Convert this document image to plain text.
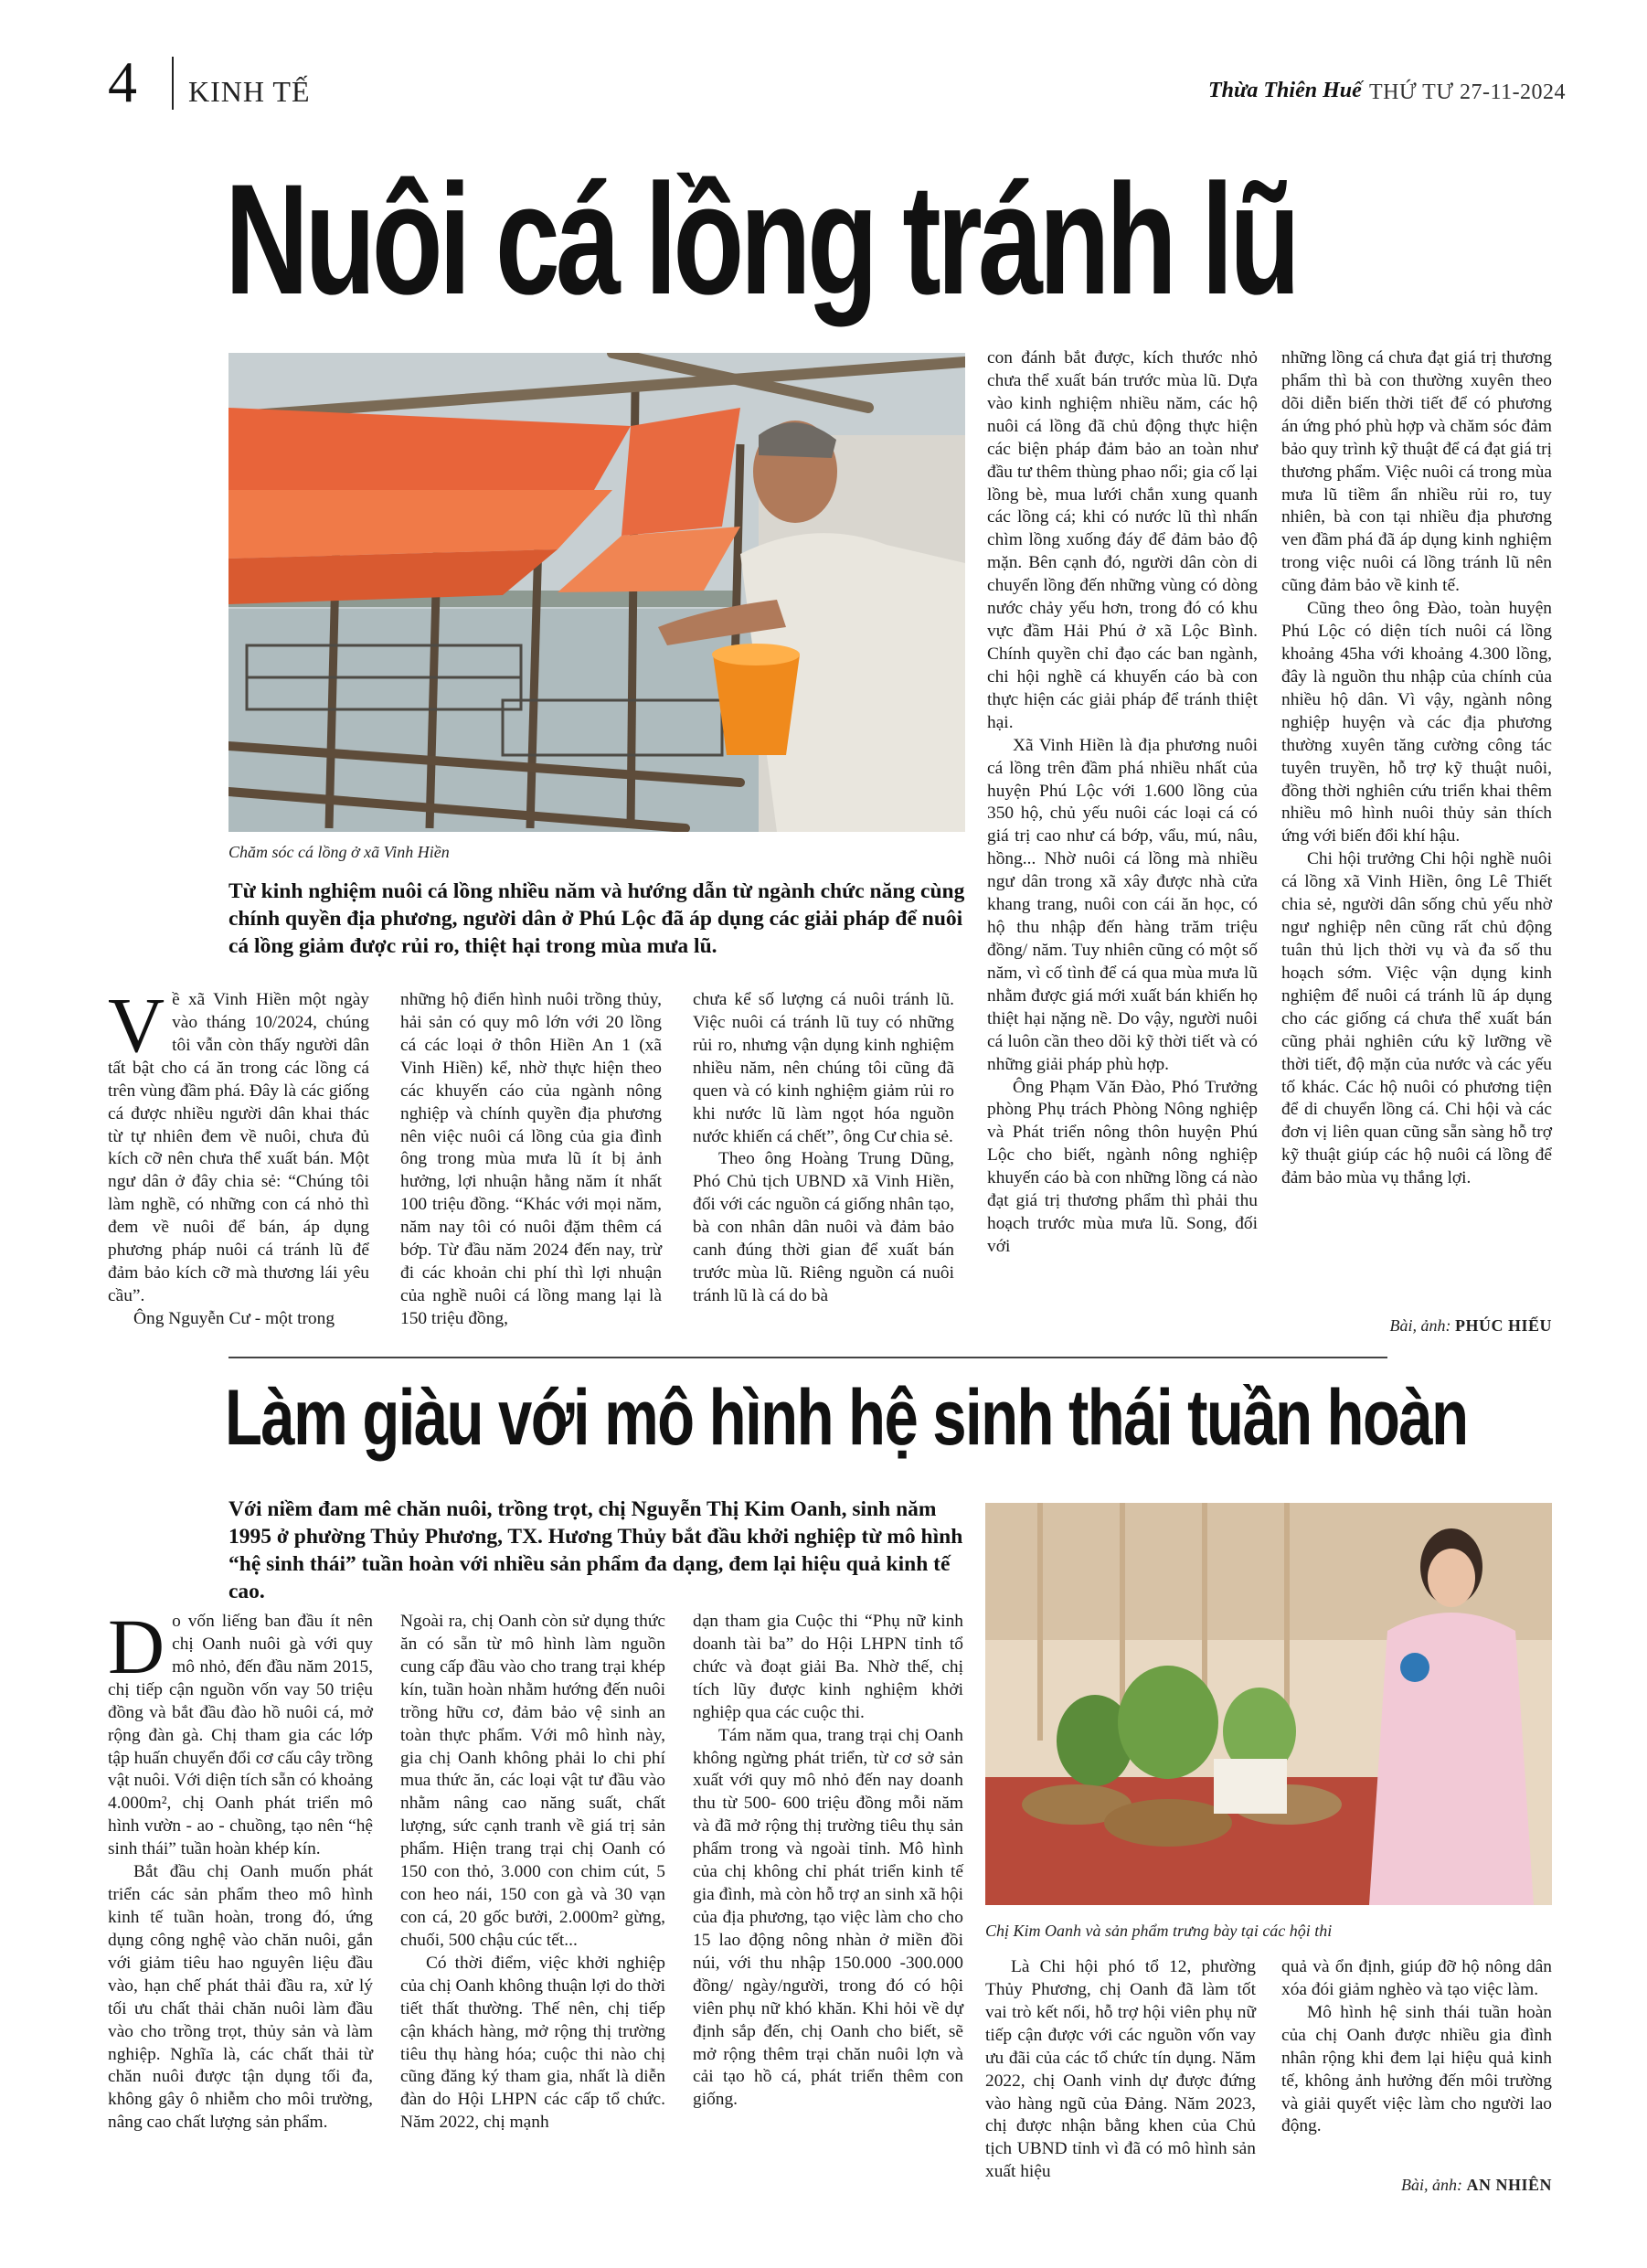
4 KINH TẾ	Thừa Thiên Huế THỨ TƯ 27-11-2024
Nuôi cá lồng tránh lũ
Chăm sóc cá lồng ở xã Vinh Hiền
Từ kinh nghiệm nuôi cá lồng nhiều năm và hướng dẫn từ ngành chức năng cùng chính quyền địa phương, người dân ở Phú Lộc đã áp dụng các giải pháp để nuôi cá lồng giảm được rủi ro, thiệt hại trong mùa mưa lũ.

Về xã Vinh Hiền một ngày vào tháng 10/2024, chúng tôi vẫn còn thấy người dân tất bật cho cá ăn trong các lồng cá trên vùng đầm phá. Đây là các giống cá được nhiều người dân khai thác từ tự nhiên đem về nuôi, chưa đủ kích cỡ nên chưa thể xuất bán. Một ngư dân ở đây chia sẻ: “Chúng tôi làm nghề, có những con cá nhỏ thì đem về nuôi để bán, áp dụng phương pháp nuôi cá tránh lũ để đảm bảo kích cỡ mà thương lái yêu cầu”.

Ông Nguyễn Cư - một trong

những hộ điển hình nuôi trồng thủy, hải sản có quy mô lớn với 20 lồng cá các loại ở thôn Hiền An 1 (xã Vinh Hiền) kể, nhờ thực hiện theo các khuyến cáo của ngành nông nghiệp và chính quyền địa phương nên việc nuôi cá lồng của gia đình ông trong mùa mưa lũ ít bị ảnh hưởng, lợi nhuận hằng năm ít nhất 100 triệu đồng. “Khác với mọi năm, năm nay tôi có nuôi đặm thêm cá bớp. Từ đầu năm 2024 đến nay, trừ đi các khoản chi phí thì lợi nhuận của nghề nuôi cá lồng mang lại là 150 triệu đồng,

chưa kể số lượng cá nuôi tránh lũ. Việc nuôi cá tránh lũ tuy có những rủi ro, nhưng vận dụng kinh nghiệm nhiều năm, nên chúng tôi cũng đã quen và có kinh nghiệm giảm rủi ro khi nước lũ làm ngọt hóa nguồn nước khiến cá chết”, ông Cư chia sẻ.

Theo ông Hoàng Trung Dũng, Phó Chủ tịch UBND xã Vinh Hiền, đối với các nguồn cá giống nhân tạo, bà con nhân dân nuôi và đảm bảo canh đúng thời gian để xuất bán trước mùa lũ. Riêng nguồn cá nuôi tránh lũ là cá do bà

con đánh bắt được, kích thước nhỏ chưa thể xuất bán trước mùa lũ. Dựa vào kinh nghiệm nhiều năm, các hộ nuôi cá lồng đã chủ động thực hiện các biện pháp đảm bảo an toàn như đầu tư thêm thùng phao nổi; gia cố lại lồng bè, mua lưới chắn xung quanh các lồng cá; khi có nước lũ thì nhấn chìm lồng xuống đáy để đảm bảo độ mặn. Bên cạnh đó, người dân còn di chuyển lồng đến những vùng có dòng nước chảy yếu hơn, trong đó có khu vực đầm Hải Phú ở xã Lộc Bình. Chính quyền chỉ đạo các ban ngành, chi hội nghề cá khuyến cáo bà con thực hiện các giải pháp để tránh thiệt hại.

Xã Vinh Hiền là địa phương nuôi cá lồng trên đầm phá nhiều nhất của huyện Phú Lộc với 1.600 lồng của 350 hộ, chủ yếu nuôi các loại cá có giá trị cao như cá bớp, vẩu, mú, nâu, hồng... Nhờ nuôi cá lồng mà nhiều ngư dân trong xã xây được nhà cửa khang trang, nuôi con cái ăn học, có hộ thu nhập đến hàng trăm triệu đồng/ năm. Tuy nhiên cũng có một số năm, vì cố tình để cá qua mùa mưa lũ nhằm được giá mới xuất bán khiến họ thiệt hại nặng nề. Do vậy, người nuôi cá luôn cần theo dõi kỹ thời tiết và có những giải pháp phù hợp.

Ông Phạm Văn Đào, Phó Trưởng phòng Phụ trách Phòng Nông nghiệp và Phát triển nông thôn huyện Phú Lộc cho biết, ngành nông nghiệp khuyến cáo bà con những lồng cá nào đạt giá trị thương phẩm thì phải thu hoạch trước mùa mưa lũ. Song, đối với

những lồng cá chưa đạt giá trị thương phẩm thì bà con thường xuyên theo dõi diễn biến thời tiết để có phương án ứng phó phù hợp và chăm sóc đảm bảo quy trình kỹ thuật để cá đạt giá trị thương phẩm. Việc nuôi cá trong mùa mưa lũ tiềm ẩn nhiều rủi ro, tuy nhiên, bà con tại nhiều địa phương ven đầm phá đã áp dụng kinh nghiệm trong việc nuôi cá lồng tránh lũ nên cũng đảm bảo về kinh tế.

Cũng theo ông Đào, toàn huyện Phú Lộc có diện tích nuôi cá lồng khoảng 45ha với khoảng 4.300 lồng, đây là nguồn thu nhập của chính của nhiều hộ dân. Vì vậy, ngành nông nghiệp huyện và các địa phương thường xuyên tăng cường công tác tuyên truyền, hỗ trợ kỹ thuật nuôi, đồng thời nghiên cứu triển khai thêm nhiều mô hình nuôi thủy sản thích ứng với biến đổi khí hậu.

Chi hội trưởng Chi hội nghề nuôi cá lồng xã Vinh Hiền, ông Lê Thiết chia sẻ, người dân sống chủ yếu nhờ ngư nghiệp nên cũng rất chủ động tuân thủ lịch thời vụ và đa số thu hoạch sớm. Việc vận dụng kinh nghiệm để nuôi cá tránh lũ áp dụng cho các giống cá chưa thể xuất bán cũng phải nghiên cứu kỹ lưỡng về thời tiết, độ mặn của nước và các yếu tố khác. Các hộ nuôi có phương tiện để di chuyển lồng cá. Chi hội và các đơn vị liên quan cũng sẵn sàng hỗ trợ kỹ thuật giúp các hộ nuôi cá lồng để đảm bảo mùa vụ thắng lợi.

Bài, ảnh: PHÚC HIẾU
Làm giàu với mô hình hệ sinh thái tuần hoàn
Với niềm đam mê chăn nuôi, trồng trọt, chị Nguyễn Thị Kim Oanh, sinh năm 1995 ở phường Thủy Phương, TX. Hương Thủy bắt đầu khởi nghiệp từ mô hình “hệ sinh thái” tuần hoàn với nhiều sản phẩm đa dạng, đem lại hiệu quả kinh tế cao.
Chị Kim Oanh và sản phẩm trưng bày tại các hội thi

Do vốn liếng ban đầu ít nên chị Oanh nuôi gà với quy mô nhỏ, đến đầu năm 2015, chị tiếp cận nguồn vốn vay 50 triệu đồng và bắt đầu đào hồ nuôi cá, mở rộng đàn gà. Chị tham gia các lớp tập huấn chuyển đổi cơ cấu cây trồng vật nuôi. Với diện tích sẵn có khoảng 4.000m², chị Oanh phát triển mô hình vườn - ao - chuồng, tạo nên “hệ sinh thái” tuần hoàn khép kín.

Bắt đầu chị Oanh muốn phát triển các sản phẩm theo mô hình kinh tế tuần hoàn, trong đó, ứng dụng công nghệ vào chăn nuôi, gắn với giảm tiêu hao nguyên liệu đầu vào, hạn chế phát thải đầu ra, xử lý tối ưu chất thải chăn nuôi làm đầu vào cho trồng trọt, thủy sản và làm nghiệp. Nghĩa là, các chất thải từ chăn nuôi được tận dụng tối đa, không gây ô nhiễm cho môi trường, nâng cao chất lượng sản phẩm.

Ngoài ra, chị Oanh còn sử dụng thức ăn có sẵn từ mô hình làm nguồn cung cấp đầu vào cho trang trại khép kín, tuần hoàn nhằm hướng đến nuôi trồng hữu cơ, đảm bảo vệ sinh an toàn thực phẩm. Với mô hình này, gia chị Oanh không phải lo chi phí mua thức ăn, các loại vật tư đầu vào nhằm nâng cao năng suất, chất lượng, sức cạnh tranh về giá trị sản phẩm. Hiện trang trại chị Oanh có 150 con thỏ, 3.000 con chim cút, 5 con heo nái, 150 con gà và 30 vạn con cá, 20 gốc bưởi, 2.000m² gừng, chuối, 500 chậu cúc tết...

Có thời điểm, việc khởi nghiệp của chị Oanh không thuận lợi do thời tiết thất thường. Thế nên, chị tiếp cận khách hàng, mở rộng thị trường tiêu thụ hàng hóa; cuộc thi nào chị cũng đăng ký tham gia, nhất là diễn đàn do Hội LHPN các cấp tổ chức. Năm 2022, chị mạnh

dạn tham gia Cuộc thi “Phụ nữ kinh doanh tài ba” do Hội LHPN tỉnh tổ chức và đoạt giải Ba. Nhờ thế, chị tích lũy được kinh nghiệm khởi nghiệp qua các cuộc thi.

Tám năm qua, trang trại chị Oanh không ngừng phát triển, từ cơ sở sản xuất với quy mô nhỏ đến nay doanh thu từ 500- 600 triệu đồng mỗi năm và đã mở rộng thị trường tiêu thụ sản phẩm trong và ngoài tỉnh. Mô hình của chị không chỉ phát triển kinh tế gia đình, mà còn hỗ trợ an sinh xã hội của địa phương, tạo việc làm cho cho 15 lao động nông nhàn ở miền đồi núi, với thu nhập 150.000 -300.000 đồng/ ngày/người, trong đó có hội viên phụ nữ khó khăn. Khi hỏi về dự định sắp đến, chị Oanh cho biết, sẽ mở rộng thêm trại chăn nuôi lợn và cải tạo hồ cá, phát triển thêm con giống.

Là Chi hội phó tổ 12, phường Thủy Phương, chị Oanh đã làm tốt vai trò kết nối, hỗ trợ hội viên phụ nữ tiếp cận được với các nguồn vốn vay ưu đãi của các tổ chức tín dụng. Năm 2022, chị Oanh vinh dự được đứng vào hàng ngũ của Đảng. Năm 2023, chị được nhận bằng khen của Chủ tịch UBND tỉnh vì đã có mô hình sản xuất hiệu

quả và ổn định, giúp đỡ hộ nông dân xóa đói giảm nghèo và tạo việc làm.

Mô hình hệ sinh thái tuần hoàn của chị Oanh được nhiều gia đình nhân rộng khi đem lại hiệu quả kinh tế, không ảnh hưởng đến môi trường và giải quyết việc làm cho người lao động.

Bài, ảnh: AN NHIÊN
